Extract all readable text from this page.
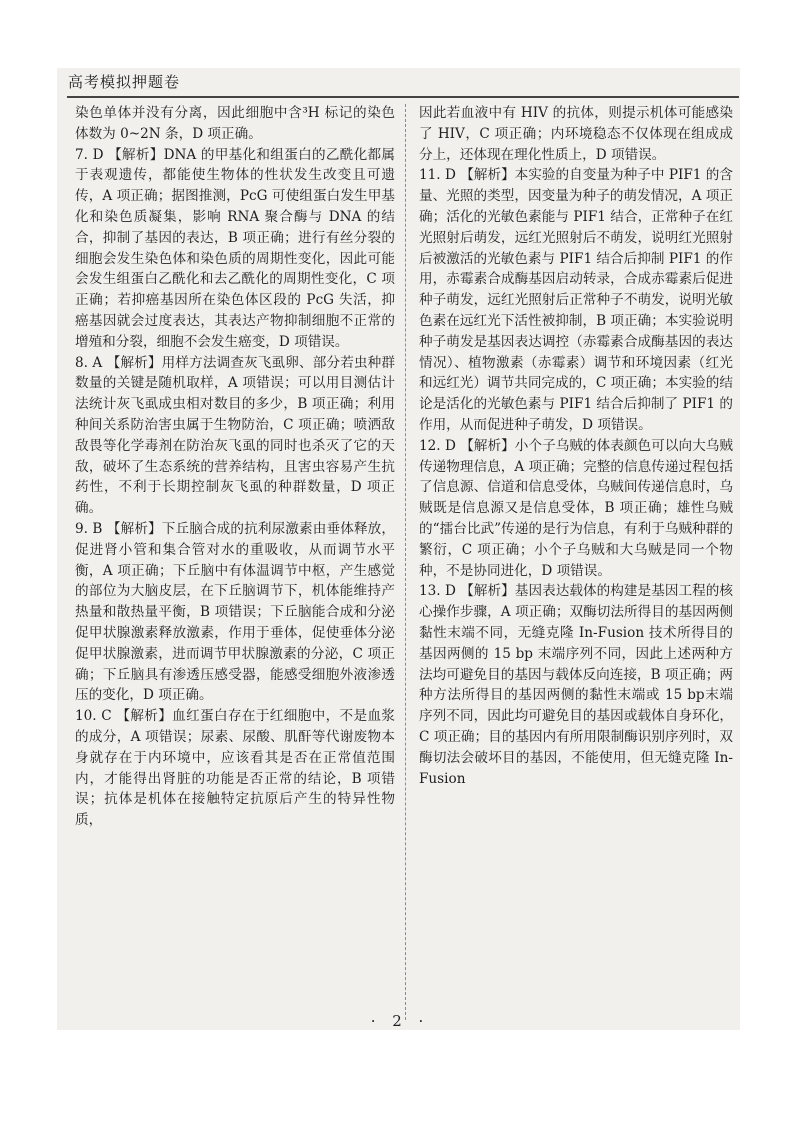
高考模拟押题卷

染色单体并没有分离，因此细胞中含³H 标记的染色体数为 0~2N 条，D 项正确。

7. D 【解析】DNA 的甲基化和组蛋白的乙酰化都属于表观遗传，都能使生物体的性状发生改变且可遗传，A 项正确；据图推测，PcG 可使组蛋白发生甲基化和染色质凝集，影响 RNA 聚合酶与 DNA 的结合，抑制了基因的表达，B 项正确；进行有丝分裂的细胞会发生染色体和染色质的周期性变化，因此可能会发生组蛋白乙酰化和去乙酰化的周期性变化，C 项正确；若抑癌基因所在染色体区段的 PcG 失活，抑癌基因就会过度表达，其表达产物抑制细胞不正常的增殖和分裂，细胞不会发生癌变，D 项错误。

8. A 【解析】用样方法调查灰飞虱卵、部分若虫种群数量的关键是随机取样，A 项错误；可以用目测估计法统计灰飞虱成虫相对数目的多少，B 项正确；利用种间关系防治害虫属于生物防治，C 项正确；喷洒敌敌畏等化学毒剂在防治灰飞虱的同时也杀灭了它的天敌，破坏了生态系统的营养结构，且害虫容易产生抗药性，不利于长期控制灰飞虱的种群数量，D 项正确。

9. B 【解析】下丘脑合成的抗利尿激素由垂体释放，促进肾小管和集合管对水的重吸收，从而调节水平衡，A 项正确；下丘脑中有体温调节中枢，产生感觉的部位为大脑皮层，在下丘脑调节下，机体能维持产热量和散热量平衡，B 项错误；下丘脑能合成和分泌促甲状腺激素释放激素，作用于垂体，促使垂体分泌促甲状腺激素，进而调节甲状腺激素的分泌，C 项正确；下丘脑具有渗透压感受器，能感受细胞外液渗透压的变化，D 项正确。

10. C 【解析】血红蛋白存在于红细胞中，不是血浆的成分，A 项错误；尿素、尿酸、肌酐等代谢废物本身就存在于内环境中，应该看其是否在正常值范围内，才能得出肾脏的功能是否正常的结论，B 项错误；抗体是机体在接触特定抗原后产生的特异性物质，

因此若血液中有 HIV 的抗体，则提示机体可能感染了 HIV，C 项正确；内环境稳态不仅体现在组成成分上，还体现在理化性质上，D 项错误。

11. D 【解析】本实验的自变量为种子中 PIF1 的含量、光照的类型，因变量为种子的萌发情况，A 项正确；活化的光敏色素能与 PIF1 结合，正常种子在红光照射后萌发，远红光照射后不萌发，说明红光照射后被激活的光敏色素与 PIF1 结合后抑制 PIF1 的作用，赤霉素合成酶基因启动转录，合成赤霉素后促进种子萌发，远红光照射后正常种子不萌发，说明光敏色素在远红光下活性被抑制，B 项正确；本实验说明种子萌发是基因表达调控（赤霉素合成酶基因的表达情况）、植物激素（赤霉素）调节和环境因素（红光和远红光）调节共同完成的，C 项正确；本实验的结论是活化的光敏色素与 PIF1 结合后抑制了 PIF1 的作用，从而促进种子萌发，D 项错误。

12. D 【解析】小个子乌贼的体表颜色可以向大乌贼传递物理信息，A 项正确；完整的信息传递过程包括了信息源、信道和信息受体，乌贼间传递信息时，乌贼既是信息源又是信息受体，B 项正确；雄性乌贼的“擂台比武”传递的是行为信息，有利于乌贼种群的繁衍，C 项正确；小个子乌贼和大乌贼是同一个物种，不是协同进化，D 项错误。

13. D 【解析】基因表达载体的构建是基因工程的核心操作步骤，A 项正确；双酶切法所得目的基因两侧黏性末端不同，无缝克隆 In-Fusion 技术所得目的基因两侧的 15 bp 末端序列不同，因此上述两种方法均可避免目的基因与载体反向连接，B 项正确；两种方法所得目的基因两侧的黏性末端或 15 bp末端序列不同，因此均可避免目的基因或载体自身环化，C 项正确；目的基因内有所用限制酶识别序列时，双酶切法会破坏目的基因，不能使用，但无缝克隆 In-Fusion

· 2 ·
